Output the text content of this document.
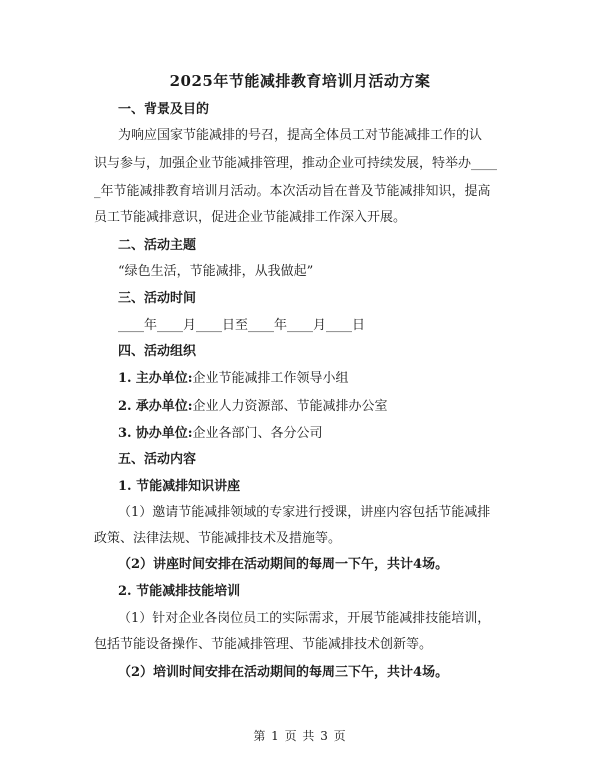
2025年节能减排教育培训月活动方案
一、背景及目的
为响应国家节能减排的号召，提高全体员工对节能减排工作的认
识与参与，加强企业节能减排管理，推动企业可持续发展，特举办____
_年节能减排教育培训月活动。本次活动旨在普及节能减排知识，提高
员工节能减排意识，促进企业节能减排工作深入开展。
二、活动主题
“绿色生活，节能减排，从我做起”
三、活动时间
____年____月____日至____年____月____日
四、活动组织
1. 主办单位:企业节能减排工作领导小组
2. 承办单位:企业人力资源部、节能减排办公室
3. 协办单位:企业各部门、各分公司
五、活动内容
1. 节能减排知识讲座
（1）邀请节能减排领域的专家进行授课，讲座内容包括节能减排
政策、法律法规、节能减排技术及措施等。
（2）讲座时间安排在活动期间的每周一下午，共计4场。
2. 节能减排技能培训
（1）针对企业各岗位员工的实际需求，开展节能减排技能培训，
包括节能设备操作、节能减排管理、节能减排技术创新等。
（2）培训时间安排在活动期间的每周三下午，共计4场。
第 1 页 共 3 页
